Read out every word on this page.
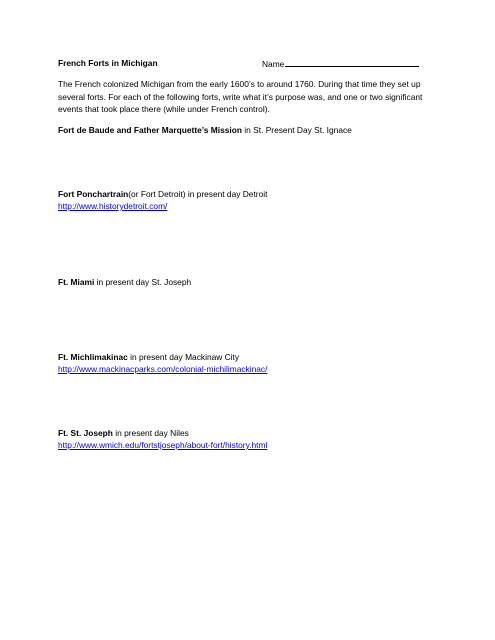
French Forts in Michigan	Name
The French colonized Michigan from the early 1600’s to around 1760. During that time they set up
several forts. For each of the following forts, write what it’s purpose was, and one or two significant
events that took place there (while under French control).
Fort de Baude and Father Marquette’s Mission in St. Present Day St. Ignace
Fort Ponchartrain(or Fort Detroit) in present day Detroit
http://www.historydetroit.com/
Ft. Miami in present day St. Joseph
Ft. Michlimakinac in present day Mackinaw City
http://www.mackinacparks.com/colonial-michilimackinac/
Ft. St. Joseph in present day Niles
http://www.wmich.edu/fortstjoseph/about-fort/history.html
